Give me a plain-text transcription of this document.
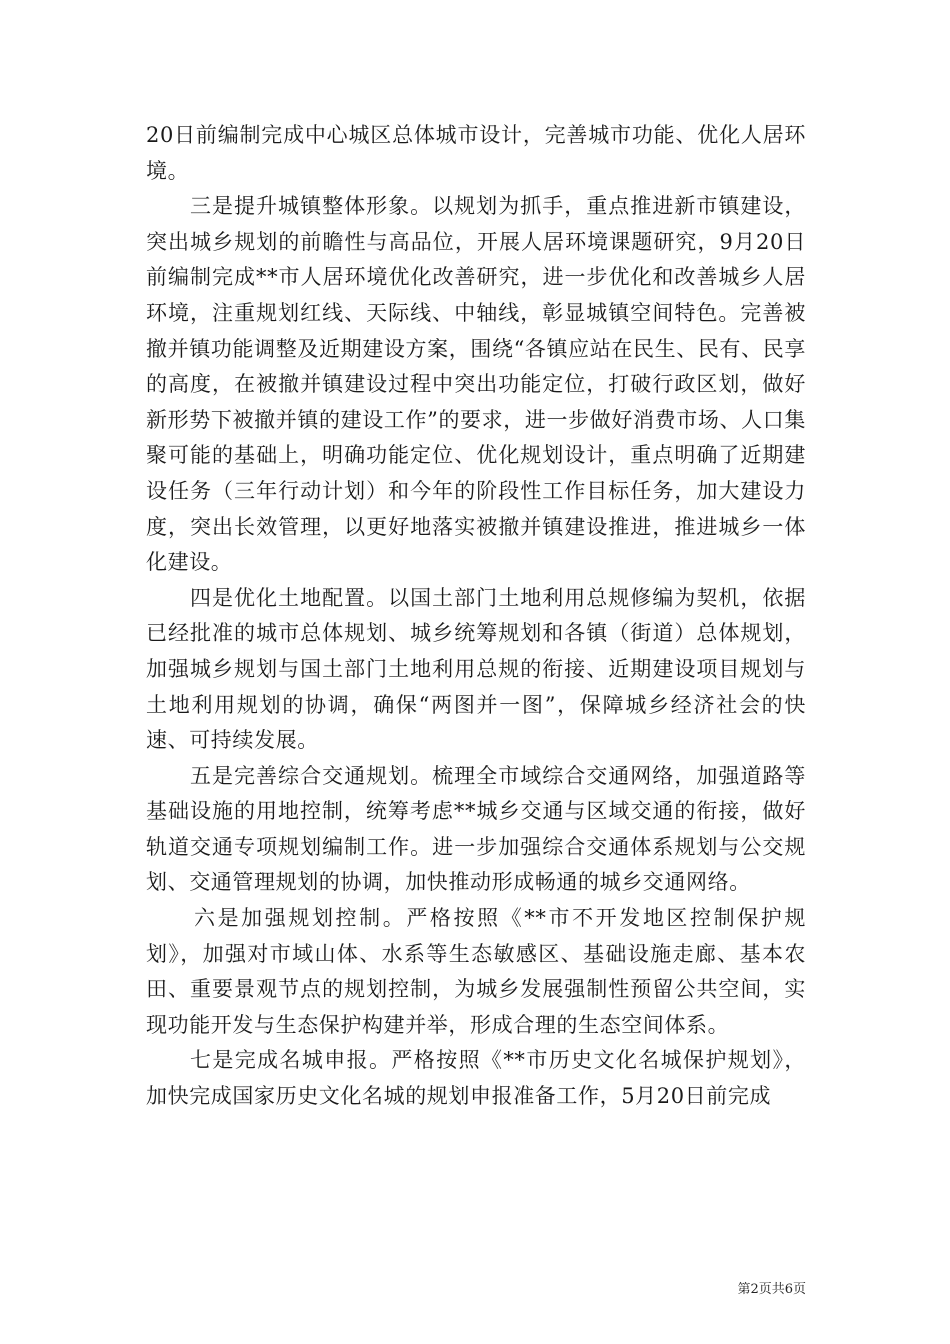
20日前编制完成中心城区总体城市设计，完善城市功能、优化人居环境。

三是提升城镇整体形象。以规划为抓手，重点推进新市镇建设，突出城乡规划的前瞻性与高品位，开展人居环境课题研究，9月20日前编制完成**市人居环境优化改善研究，进一步优化和改善城乡人居环境，注重规划红线、天际线、中轴线，彰显城镇空间特色。完善被撤并镇功能调整及近期建设方案，围绕“各镇应站在民生、民有、民享的高度，在被撤并镇建设过程中突出功能定位，打破行政区划，做好新形势下被撤并镇的建设工作”的要求，进一步做好消费市场、人口集聚可能的基础上，明确功能定位、优化规划设计，重点明确了近期建设任务（三年行动计划）和今年的阶段性工作目标任务，加大建设力度，突出长效管理，以更好地落实被撤并镇建设推进，推进城乡一体化建设。

四是优化土地配置。以国土部门土地利用总规修编为契机，依据已经批准的城市总体规划、城乡统筹规划和各镇（街道）总体规划，加强城乡规划与国土部门土地利用总规的衔接、近期建设项目规划与土地利用规划的协调，确保“两图并一图”，保障城乡经济社会的快速、可持续发展。

五是完善综合交通规划。梳理全市域综合交通网络，加强道路等基础设施的用地控制，统筹考虑**城乡交通与区域交通的衔接，做好轨道交通专项规划编制工作。进一步加强综合交通体系规划与公交规划、交通管理规划的协调，加快推动形成畅通的城乡交通网络。

六是加强规划控制。严格按照《**市不开发地区控制保护规划》，加强对市域山体、水系等生态敏感区、基础设施走廊、基本农田、重要景观节点的规划控制，为城乡发展强制性预留公共空间，实现功能开发与生态保护构建并举，形成合理的生态空间体系。

七是完成名城申报。严格按照《**市历史文化名城保护规划》，加快完成国家历史文化名城的规划申报准备工作，5月20日前完成

第2页共6页
